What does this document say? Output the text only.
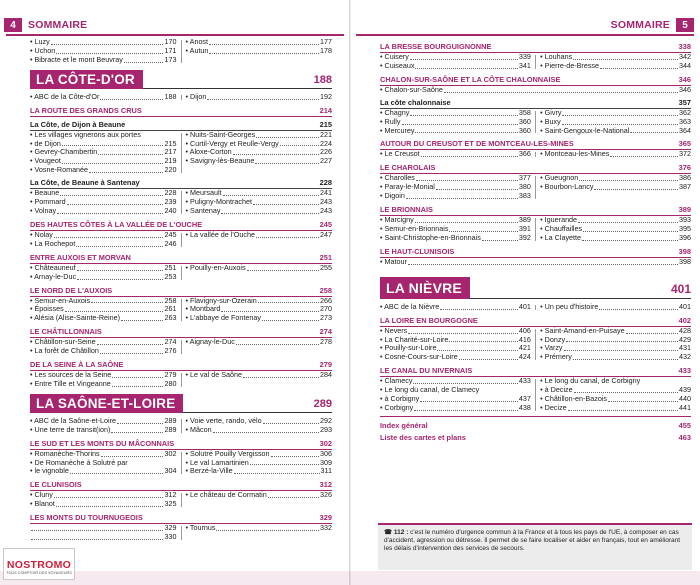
4	SOMMAIRE
• Luzy	170
• Uchon	171
• Bibracte et le mont Beuvray	173
• Anost	177
• Autun	178
LA CÔTE-D'OR	188
• ABC de la Côte-d'Or	188 • Dijon	192
LA ROUTE DES GRANDS CRUS	214
La Côte, de Dijon à Beaune	215
• Les villages vignerons aux portes
• de Dijon	215
• Gevrey-Chambertin	217
• Vougeot	219
• Vosne-Romanée	220
• Nuits-Saint-Georges	221
• Curtil-Vergy et Reulle-Vergy	224
• Aloxe-Corton	226
• Savigny-lès-Beaune	227
La Côte, de Beaune à Santenay	228
• Beaune	228
• Pommard	239
• Volnay	240
• Meursault	241
• Puligny-Montrachet	243
• Santenay	243
DES HAUTES CÔTES À LA VALLÉE DE L'OUCHE	245
• Nolay	245
• La Rochepot	246
• La vallée de l'Ouche	247
ENTRE AUXOIS ET MORVAN	251
• Châteauneuf	251
• Arnay-le-Duc	253
• Pouilly-en-Auxois	255
LE NORD DE L'AUXOIS	258
• Semur-en-Auxois	258
• Époisses	261
• Alésia (Alise-Sainte-Reine)	263
• Flavigny-sur-Ozerain	266
• Montbard	270
• L'abbaye de Fontenay	273
LE CHÂTILLONNAIS	274
• Châtillon-sur-Seine	274
• La forêt de Châtillon	276
• Aignay-le-Duc	278
DE LA SEINE À LA SAÔNE	279
• Les sources de la Seine	279
• Entre Tille et Vingeanne	280
• Le val de Saône	284
LA SAÔNE-ET-LOIRE	289
• ABC de la Saône-et-Loire	289
• Une terre de transit(ion)	289
• Voie verte, rando, vélo	292
• Mâcon	293
LE SUD ET LES MONTS DU MÂCONNAIS	302
• Romanèche-Thorins	302
• De Romanèche à Solutré par
• le vignoble	304
• Solutré Pouilly Vergisson	306
• Le val Lamartinien	309
• Berzé-la-Ville	311
LE CLUNISOIS	312
• Cluny	312
• Blanot	325
• Le château de Cormatin	326
LES MONTS DU TOURNUGEOIS	329
329
330
• Tournus	332
SOMMAIRE	5
LA BRESSE BOURGUIGNONNE	338
• Cuisery	339
• Cuiseaux	341
• Louhans	342
• Pierre-de-Bresse	344
CHALON-SUR-SAÔNE ET LA CÔTE CHALONNAISE	346
• Chalon-sur-Saône	346
La côte chalonnaise	357
• Chagny	358
• Rully	360
• Mercurey	360
• Givry	362
• Buxy	363
• Saint-Gengoux-le-National	364
AUTOUR DU CREUSOT ET DE MONTCEAU-LES-MINES	365
• Le Creusot	366 • Montceau-les-Mines	372
LE CHAROLAIS	376
• Charolles	377
• Paray-le-Monial	380
• Digoin	383
• Gueugnon	386
• Bourbon-Lancy	387
LE BRIONNAIS	389
• Marcigny	389
• Semur-en-Brionnais	391
• Saint-Christophe-en-Brionnais	392
• Iguerande	393
• Chauffailles	395
• La Clayette	396
LE HAUT-CLUNISOIS	398
• Matour	398
LA NIÈVRE	401
• ABC de la Nièvre	401 • Un peu d'histoire	401
LA LOIRE EN BOURGOGNE	402
• Nevers	406
• La Charité-sur-Loire	416
• Pouilly-sur-Loire	421
• Cosne-Cours-sur-Loire	424
• Saint-Amand-en-Puisaye	428
• Donzy	429
• Varzy	431
• Prémery	432
LE CANAL DU NIVERNAIS	433
• Clamecy	433
• Le long du canal, de Clamecy
• à Corbigny	437
• Corbigny	438
• Le long du canal, de Corbigny
• à Decize	439
• Châtillon-en-Bazois	440
• Decize	441
Index général	455
Liste des cartes et plans	463
☎ 112 : c'est le numéro d'urgence commun à la France et à tous les pays de l'UE, à composer en cas d'accident, agression ou détresse. Il permet de se faire localiser et aider en français, tout en améliorant les délais d'intervention des services de secours.
NOSTROMO
TOUS COMPTOIR DES VOYAGEURS
